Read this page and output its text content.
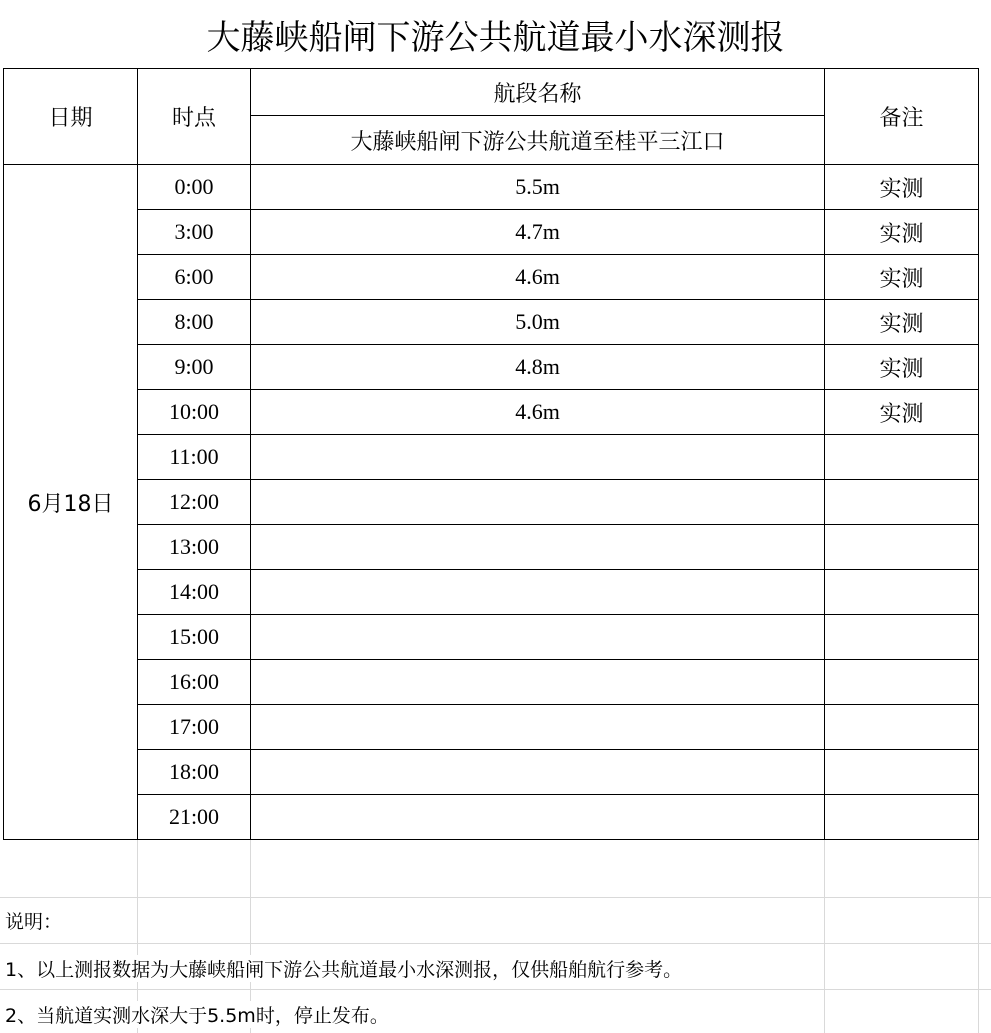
大藤峡船闸下游公共航道最小水深测报
日期	时点	航段名称	备注
		大藤峡船闸下游公共航道至桂平三江口	
6月18日	0:00	5.5m	实测
	3:00	4.7m	实测
	6:00	4.6m	实测
	8:00	5.0m	实测
	9:00	4.8m	实测
	10:00	4.6m	实测
	11:00		
	12:00		
	13:00		
	14:00		
	15:00		
	16:00		
	17:00		
	18:00		
	21:00		
说明：
1、以上测报数据为大藤峡船闸下游公共航道最小水深测报，仅供船舶航行参考。
2、当航道实测水深大于5.5m时，停止发布。
